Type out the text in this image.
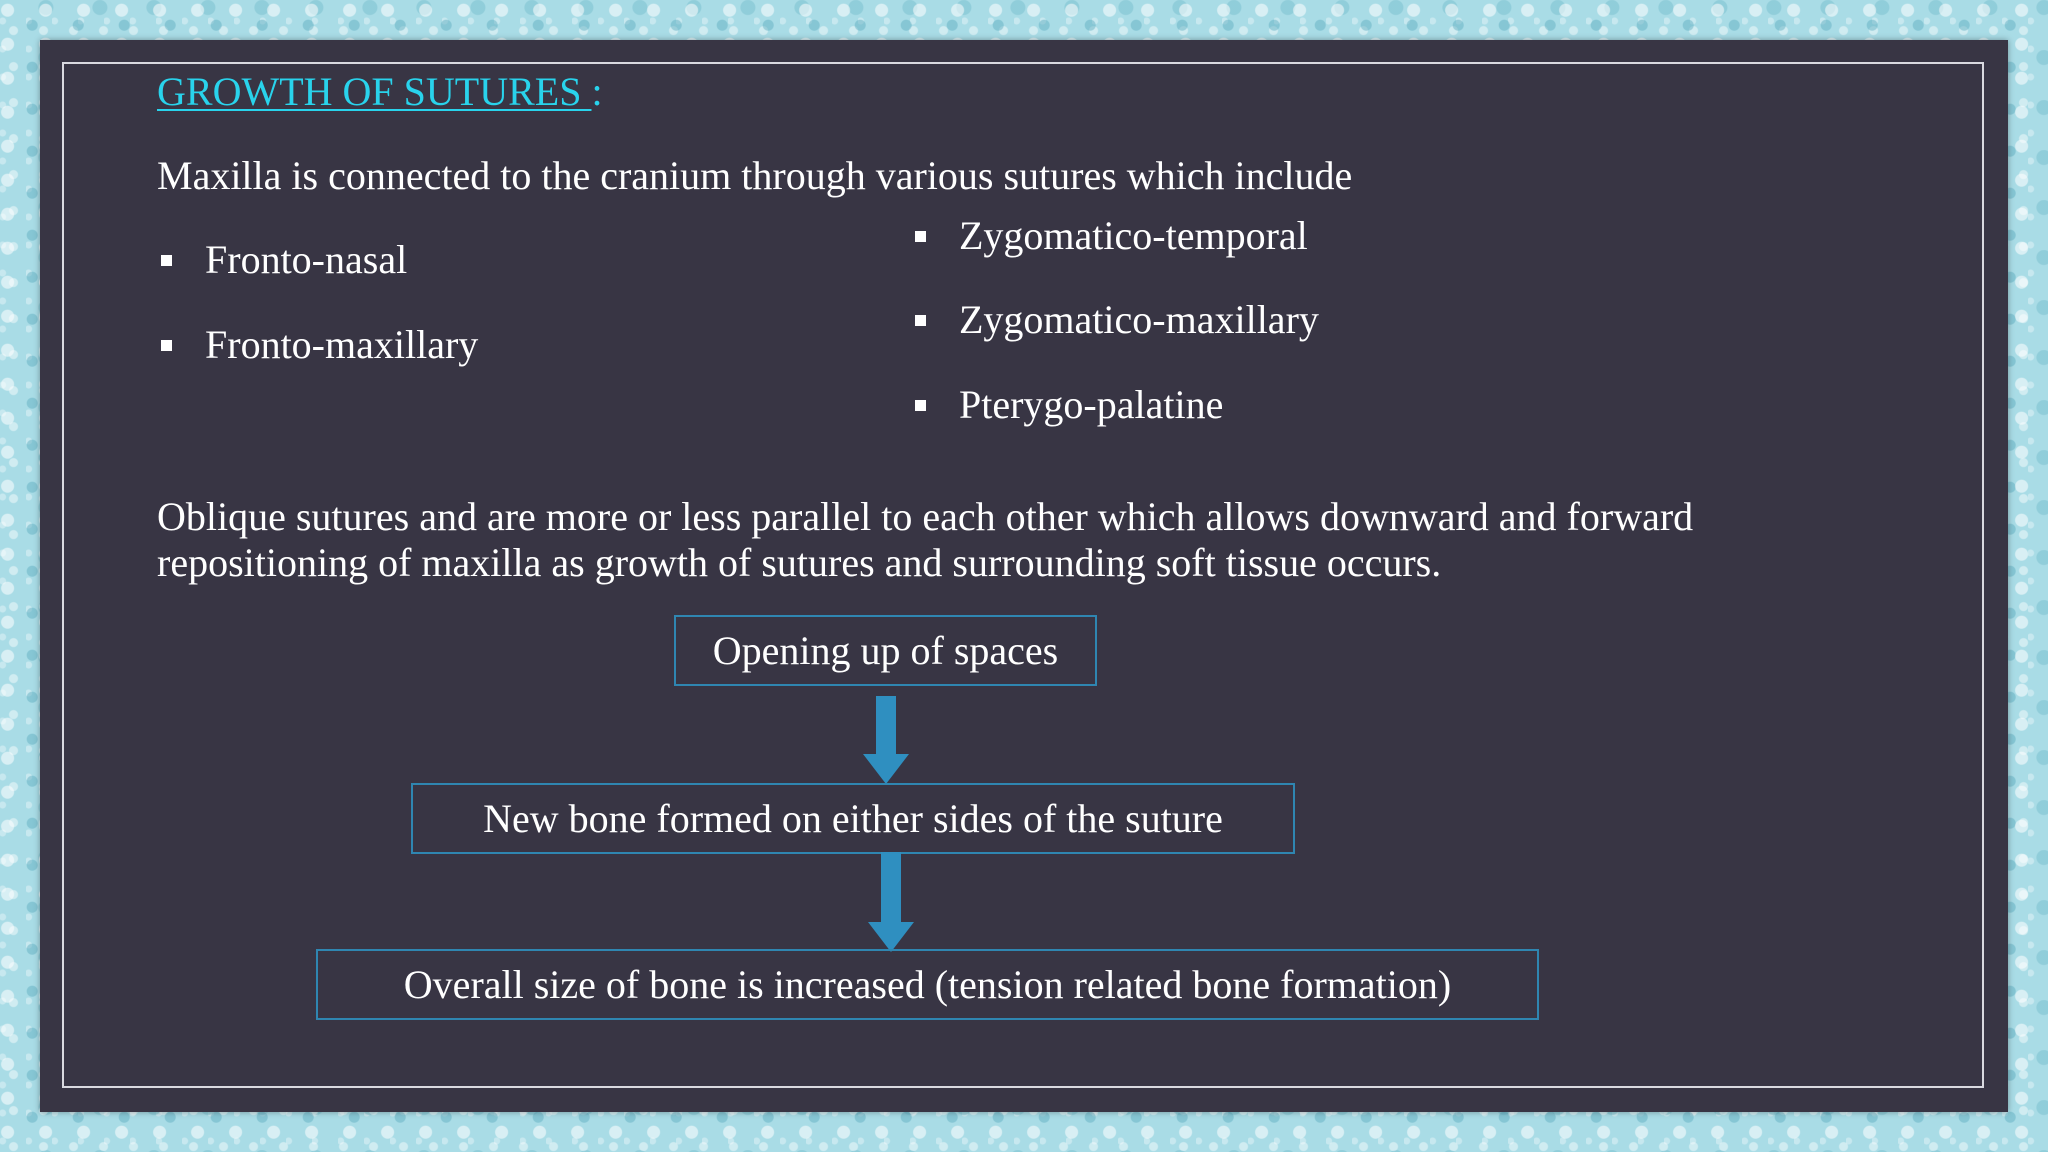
GROWTH OF SUTURES :

Maxilla is connected to the cranium through various sutures which include

Fronto-nasal
Fronto-maxillary
Zygomatico-temporal
Zygomatico-maxillary
Pterygo-palatine

Oblique sutures and are more or less parallel to each other which allows downward and forward repositioning of maxilla as growth of sutures and surrounding soft tissue occurs.

Opening up of spaces
New bone formed on either sides of the suture
Overall size of bone is increased (tension related bone formation)
